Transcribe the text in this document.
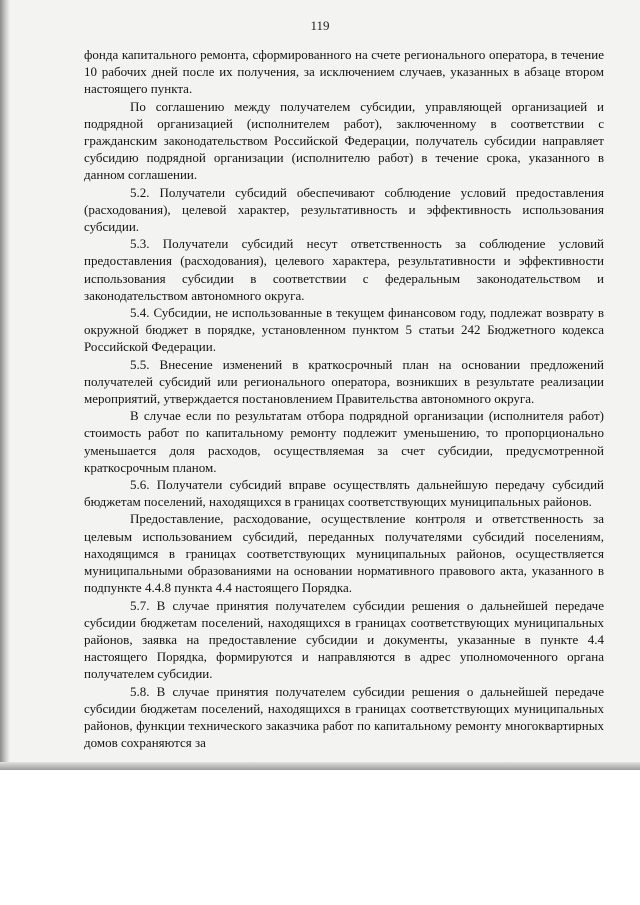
119

фонда капитального ремонта, сформированного на счете регионального оператора, в течение 10 рабочих дней после их получения, за исключением случаев, указанных в абзаце втором настоящего пункта.

По соглашению между получателем субсидии, управляющей организацией и подрядной организацией (исполнителем работ), заключенному в соответствии с гражданским законодательством Российской Федерации, получатель субсидии направляет субсидию подрядной организации (исполнителю работ) в течение срока, указанного в данном соглашении.

5.2. Получатели субсидий обеспечивают соблюдение условий предоставления (расходования), целевой характер, результативность и эффективность использования субсидии.

5.3. Получатели субсидий несут ответственность за соблюдение условий предоставления (расходования), целевого характера, результативности и эффективности использования субсидии в соответствии с федеральным законодательством и законодательством автономного округа.

5.4. Субсидии, не использованные в текущем финансовом году, подлежат возврату в окружной бюджет в порядке, установленном пунктом 5 статьи 242 Бюджетного кодекса Российской Федерации.

5.5. Внесение изменений в краткосрочный план на основании предложений получателей субсидий или регионального оператора, возникших в результате реализации мероприятий, утверждается постановлением Правительства автономного округа.

В случае если по результатам отбора подрядной организации (исполнителя работ) стоимость работ по капитальному ремонту подлежит уменьшению, то пропорционально уменьшается доля расходов, осуществляемая за счет субсидии, предусмотренной краткосрочным планом.

5.6. Получатели субсидий вправе осуществлять дальнейшую передачу субсидий бюджетам поселений, находящихся в границах соответствующих муниципальных районов.

Предоставление, расходование, осуществление контроля и ответственность за целевым использованием субсидий, переданных получателями субсидий поселениям, находящимся в границах соответствующих муниципальных районов, осуществляется муниципальными образованиями на основании нормативного правового акта, указанного в подпункте 4.4.8 пункта 4.4 настоящего Порядка.

5.7. В случае принятия получателем субсидии решения о дальнейшей передаче субсидии бюджетам поселений, находящихся в границах соответствующих муниципальных районов, заявка на предоставление субсидии и документы, указанные в пункте 4.4 настоящего Порядка, формируются и направляются в адрес уполномоченного органа получателем субсидии.

5.8. В случае принятия получателем субсидии решения о дальнейшей передаче субсидии бюджетам поселений, находящихся в границах соответствующих муниципальных районов, функции технического заказчика работ по капитальному ремонту многоквартирных домов сохраняются за
